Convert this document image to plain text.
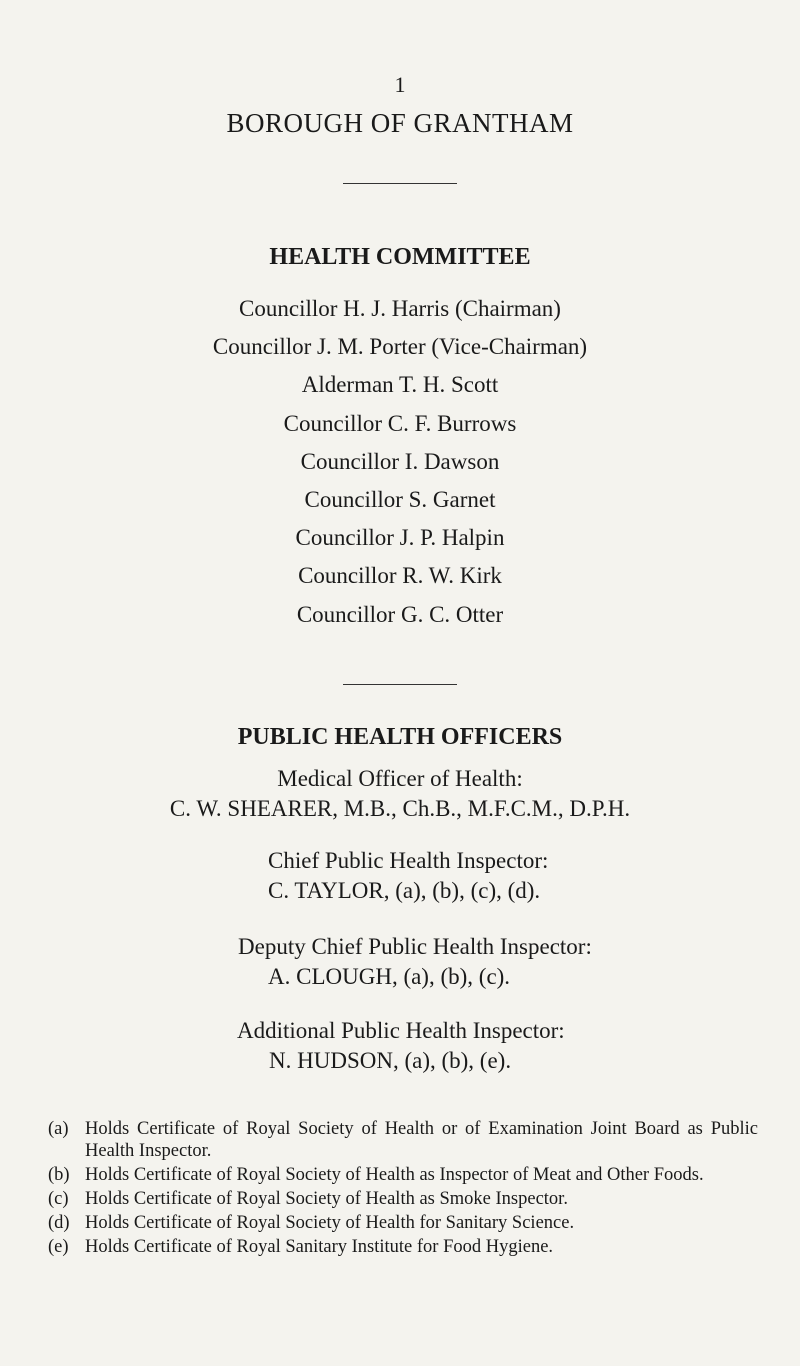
1
BOROUGH OF GRANTHAM
HEALTH COMMITTEE
Councillor H. J. Harris (Chairman)
Councillor J. M. Porter (Vice-Chairman)
Alderman T. H. Scott
Councillor C. F. Burrows
Councillor I. Dawson
Councillor S. Garnet
Councillor J. P. Halpin
Councillor R. W. Kirk
Councillor G. C. Otter
PUBLIC HEALTH OFFICERS
Medical Officer of Health:
C. W. SHEARER, M.B., Ch.B., M.F.C.M., D.P.H.
Chief Public Health Inspector:
C. TAYLOR, (a), (b), (c), (d).
Deputy Chief Public Health Inspector:
A. CLOUGH, (a), (b), (c).
Additional Public Health Inspector:
N. HUDSON, (a), (b), (e).
(a) Holds Certificate of Royal Society of Health or of Examination Joint Board as Public Health Inspector.
(b) Holds Certificate of Royal Society of Health as Inspector of Meat and Other Foods.
(c) Holds Certificate of Royal Society of Health as Smoke Inspector.
(d) Holds Certificate of Royal Society of Health for Sanitary Science.
(e) Holds Certificate of Royal Sanitary Institute for Food Hygiene.
